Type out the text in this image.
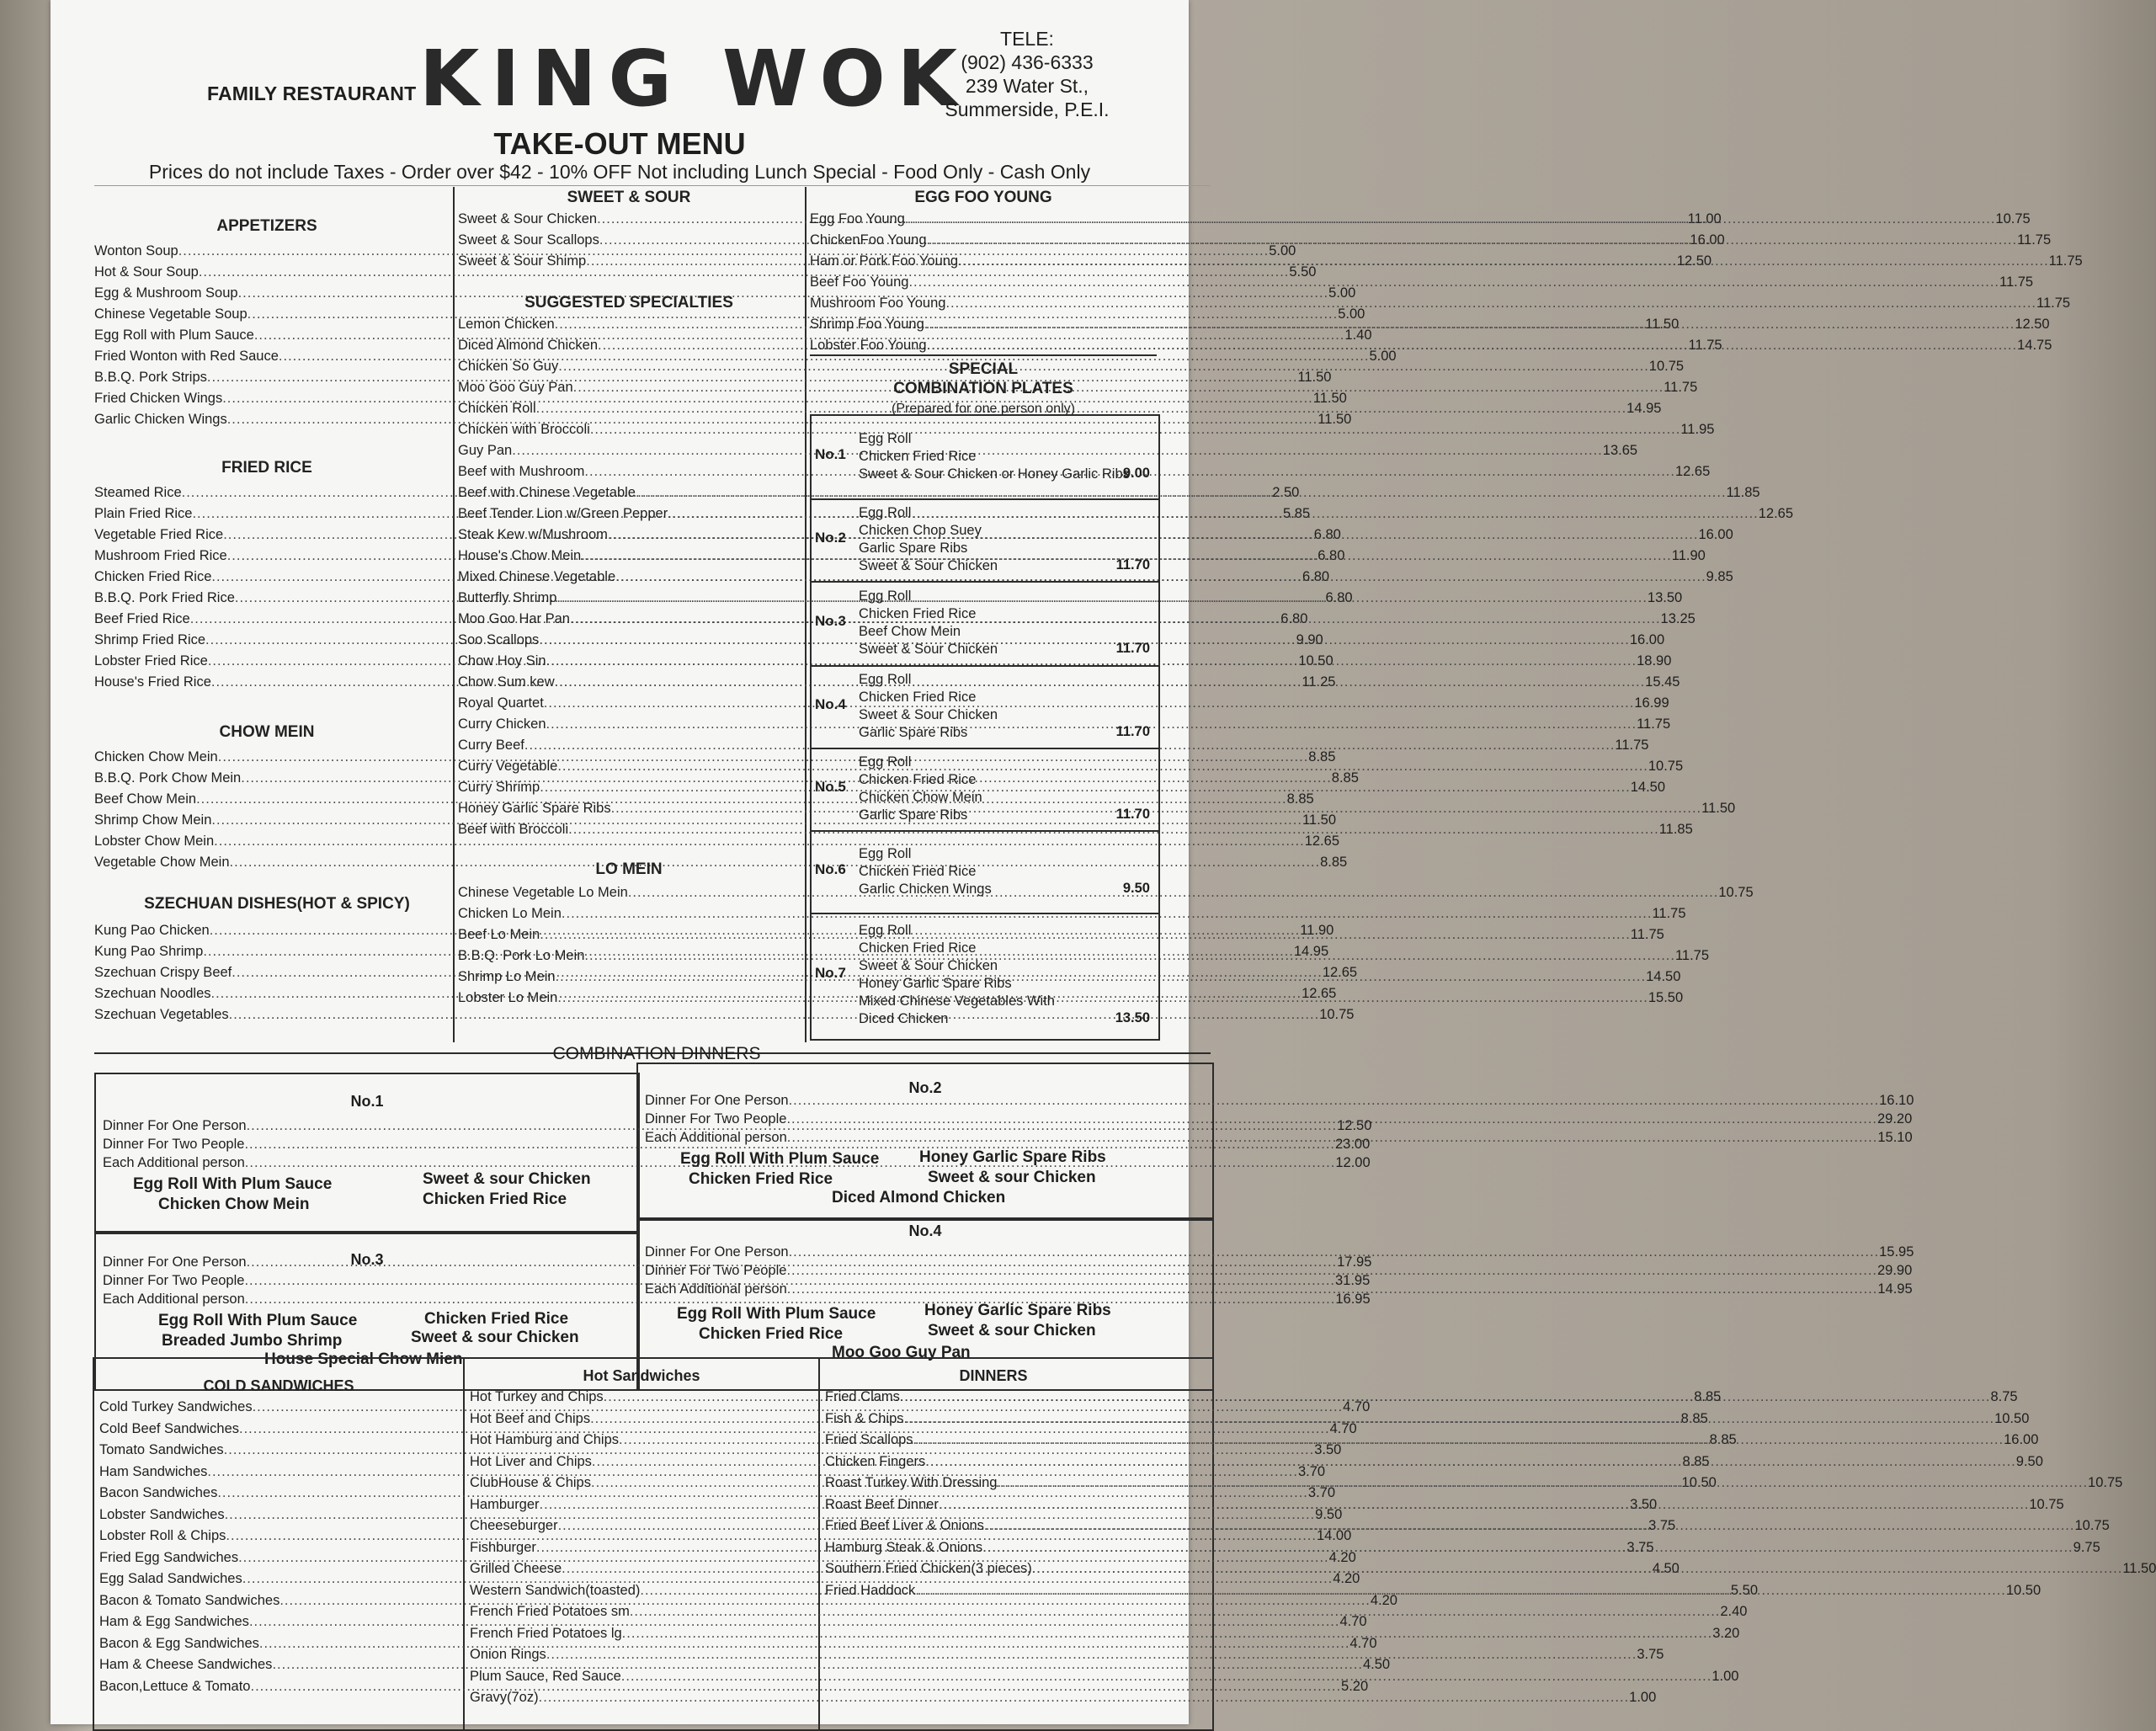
FAMILY RESTAURANT KING WOK	TELE:
(902) 436-6333
239 Water St.,
Summerside, P.E.I.
TAKE-OUT MENU
Prices do not include Taxes - Order over $42 - 10% OFF Not including Lunch Special - Food Only - Cash Only
APPETIZERS
Wonton Soup .....	5.00
Hot & Sour Soup .....	5.50
Egg & Mushroom Soup .....	5.00
Chinese Vegetable Soup .....	5.00
Egg Roll with Plum Sauce .....	1.40
Fried Wonton with Red Sauce .....	5.00
B.B.Q. Pork Strips .....	11.50
Fried Chicken Wings .....	11.50
Garlic Chicken Wings .....	11.50
FRIED RICE
Steamed Rice .....	2.50
Plain Fried Rice .....	5.85
Vegetable Fried Rice .....	6.80
Mushroom Fried Rice .....	6.80
Chicken Fried Rice .....	6.80
B.B.Q. Pork Fried Rice .....	6.80
Beef Fried Rice .....	6.80
Shrimp Fried Rice .....	9.90
Lobster Fried Rice .....	10.50
House's Fried Rice .....	11.25
CHOW MEIN
Chicken Chow Mein .....	8.85
B.B.Q. Pork Chow Mein .....	8.85
Beef Chow Mein .....	8.85
Shrimp Chow Mein .....	11.50
Lobster Chow Mein .....	12.65
Vegetable Chow Mein .....	8.85
SZECHUAN DISHES(HOT & SPICY)
Kung Pao Chicken .....	11.90
Kung Pao Shrimp .....	14.95
Szechuan Crispy Beef .....	12.65
Szechuan Noodles .....	12.65
Szechuan Vegetables .....	10.75
SWEET & SOUR
Sweet & Sour Chicken .....	11.00
Sweet & Sour Scallops .....	16.00
Sweet & Sour Shimp .....	12.50
SUGGESTED SPECIALTIES
Lemon Chicken .....	11.50
Diced Almond Chicken .....	11.75
Chicken So Guy .....	10.75
Moo Goo Guy Pan .....	11.75
Chicken Roll .....	14.95
Chicken with Broccoli .....	11.95
Guy Pan .....	13.65
Beef with Mushroom .....	12.65
Beef with Chinese Vegetable .....	11.85
Beef Tender Lion w/Green Pepper .....	12.65
Steak Kew w/Mushroom .....	16.00
House's Chow Mein .....	11.90
Mixed Chinese Vegetable .....	9.85
Butterfly Shrimp .....	13.50
Moo Goo Har Pan .....	13.25
Soo Scallops .....	16.00
Chow Hoy Sin .....	18.90
Chow Sum kew .....	15.45
Royal Quartet .....	16.99
Curry Chicken .....	11.75
Curry Beef .....	11.75
Curry Vegetable .....	10.75
Curry Shrimp .....	14.50
Honey Garlic Spare Ribs .....	11.50
Beef with Broccoli .....	11.85
LO MEIN
Chinese Vegetable Lo Mein .....	10.75
Chicken Lo Mein .....	11.75
Beef Lo Mein .....	11.75
B.B.Q. Pork Lo Mein .....	11.75
Shrimp Lo Mein .....	14.50
Lobster Lo Mein .....	15.50
EGG FOO YOUNG
Egg Foo Young .....	10.75
ChickenFoo Young .....	11.75
Ham or Pork Foo Young .....	11.75
Beef Foo Young .....	11.75
Mushroom Foo Young .....	11.75
Shrimp Foo Young .....	12.50
Lobster Foo Young .....	14.75
SPECIAL
COMBINATION PLATES
(Prepared for one person only)
No.1
Egg Roll
Chicken Fried Rice
Sweet & Sour Chicken or Honey Garlic Ribs
9.00
No.2
Egg Roll
Chicken Chop Suey
Garlic Spare Ribs
Sweet & Sour Chicken	11.70
No.3
Egg Roll
Chicken Fried Rice
Beef Chow Mein
Sweet & Sour Chicken	11.70
No.4
Egg Roll
Chicken Fried Rice
Sweet & Sour Chicken
Garlic Spare Ribs	11.70
No.5
Egg Roll
Chicken Fried Rice
Chicken Chow Mein
Garlic Spare Ribs	11.70
No.6
Egg Roll
Chicken Fried Rice
Garlic Chicken Wings	9.50
No.7
Egg Roll
Chicken Fried Rice
Sweet & Sour Chicken
Honey Garlic Spare Ribs
Mixed Chinese Vegetables With
Diced Chicken	13.50
COMBINATION DINNERS
No.1
Dinner For One Person .....	12.50
Dinner For Two People .....	23.00
Each Additional person .....	12.00
Egg Roll With Plum Sauce	Sweet & sour Chicken
Chicken Chow Mein	Chicken Fried Rice
No.2
Dinner For One Person .....	16.10
Dinner For Two People .....	29.20
Each Additional person .....	15.10
Egg Roll With Plum Sauce	Honey Garlic Spare Ribs
Chicken Fried Rice	Sweet & sour Chicken
Diced Almond Chicken
No.3
Dinner For One Person .....	17.95
Dinner For Two People .....	31.95
Each Additional person .....	16.95
Egg Roll With Plum Sauce	Chicken Fried Rice
Breaded Jumbo Shrimp	Sweet & sour Chicken
House Special Chow Mien
No.4
Dinner For One Person .....	15.95
Dinner For Two People .....	29.90
Each Additional person .....	14.95
Egg Roll With Plum Sauce	Honey Garlic Spare Ribs
Chicken Fried Rice	Sweet & sour Chicken
Moo Goo Guy Pan
COLD SANDWICHES
Cold Turkey Sandwiches .....	4.70
Cold Beef Sandwiches .....	4.70
Tomato Sandwiches .....	3.50
Ham Sandwiches .....	3.70
Bacon Sandwiches .....	3.70
Lobster Sandwiches .....	9.50
Lobster Roll & Chips .....	14.00
Fried Egg Sandwiches .....	4.20
Egg Salad Sandwiches .....	4.20
Bacon & Tomato Sandwiches .....	4.20
Ham & Egg Sandwiches .....	4.70
Bacon & Egg Sandwiches .....	4.70
Ham & Cheese Sandwiches .....	4.50
Bacon,Lettuce & Tomato .....	5.20
Hot Sandwiches
Hot Turkey and Chips .....	8.85
Hot Beef and Chips .....	8.85
Hot Hamburg and Chips .....	8.85
Hot Liver and Chips .....	8.85
ClubHouse & Chips .....	10.50
Hamburger .....	3.50
Cheeseburger .....	3.75
Fishburger .....	3.75
Grilled Cheese .....	4.50
Western Sandwich(toasted) .....	5.50
French Fried Potatoes sm .....	2.40
French Fried Potatoes lg .....	3.20
Onion Rings .....	3.75
Plum Sauce, Red Sauce .....	1.00
Gravy(7oz) .....	1.00
DINNERS
Fried Clams .....	8.75
Fish & Chips .....	10.50
Fried Scallops .....	16.00
Chicken Fingers .....	9.50
Roast Turkey With Dressing .....	10.75
Roast Beef Dinner .....	10.75
Fried Beef Liver & Onions .....	10.75
Hamburg Steak & Onions .....	9.75
Southern Fried Chicken(3 pieces) .....	11.50
Fried Haddock .....	10.50
